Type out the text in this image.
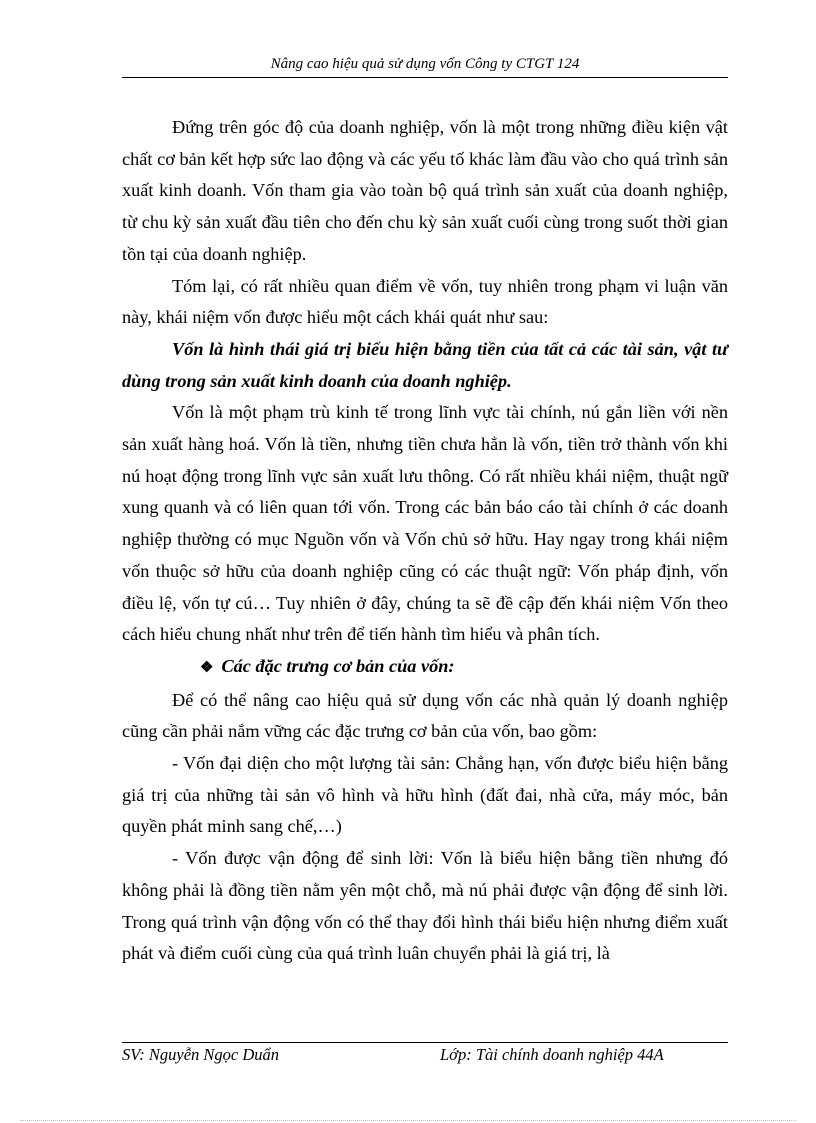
Nâng cao hiệu quả sử dụng vốn Công ty CTGT 124

Đứng trên góc độ của doanh nghiệp, vốn là một trong những điều kiện vật chất cơ bản kết hợp sức lao động và các yếu tố khác làm đầu vào cho quá trình sản xuất kinh doanh. Vốn tham gia vào toàn bộ quá trình sản xuất của doanh nghiệp, từ chu kỳ sản xuất đầu tiên cho đến chu kỳ sản xuất cuối cùng trong suốt thời gian tồn tại của doanh nghiệp.

Tóm lại, có rất nhiều quan điểm về vốn, tuy nhiên trong phạm vi luận văn này, khái niệm vốn được hiểu một cách khái quát như sau:

Vốn là hình thái giá trị biểu hiện bằng tiền của tất cả các tài sản, vật tư dùng trong sản xuất kinh doanh của doanh nghiệp.

Vốn là một phạm trù kinh tế trong lĩnh vực tài chính, nú gắn liền với nền sản xuất hàng hoá. Vốn là tiền, nhưng tiền chưa hẳn là vốn, tiền trở thành vốn khi nú hoạt động trong lĩnh vực sản xuất lưu thông. Có rất nhiều khái niệm, thuật ngữ xung quanh và có liên quan tới vốn. Trong các bản báo cáo tài chính ở các doanh nghiệp thường có mục Nguồn vốn và Vốn chủ sở hữu. Hay ngay trong khái niệm vốn thuộc sở hữu của doanh nghiệp cũng có các thuật ngữ: Vốn pháp định, vốn điều lệ, vốn tự cú… Tuy nhiên ở đây, chúng ta sẽ đề cập đến khái niệm Vốn theo cách hiểu chung nhất như trên để tiến hành tìm hiểu và phân tích.

❖ Các đặc trưng cơ bản của vốn:

Để có thể nâng cao hiệu quả sử dụng vốn các nhà quản lý doanh nghiệp cũng cần phải nắm vững các đặc trưng cơ bản của vốn, bao gồm:

- Vốn đại diện cho một lượng tài sản: Chẳng hạn, vốn được biểu hiện bằng giá trị của những tài sản vô hình và hữu hình (đất đai, nhà cửa, máy móc, bản quyền phát minh sang chế,…)

- Vốn được vận động để sinh lời: Vốn là biểu hiện bằng tiền nhưng đó không phải là đồng tiền nằm yên một chỗ, mà nú phải được vận động để sinh lời. Trong quá trình vận động vốn có thể thay đổi hình thái biểu hiện nhưng điểm xuất phát và điểm cuối cùng của quá trình luân chuyển phải là giá trị, là

SV: Nguyễn Ngọc Duẩn	Lớp: Tài chính doanh nghiệp 44A
